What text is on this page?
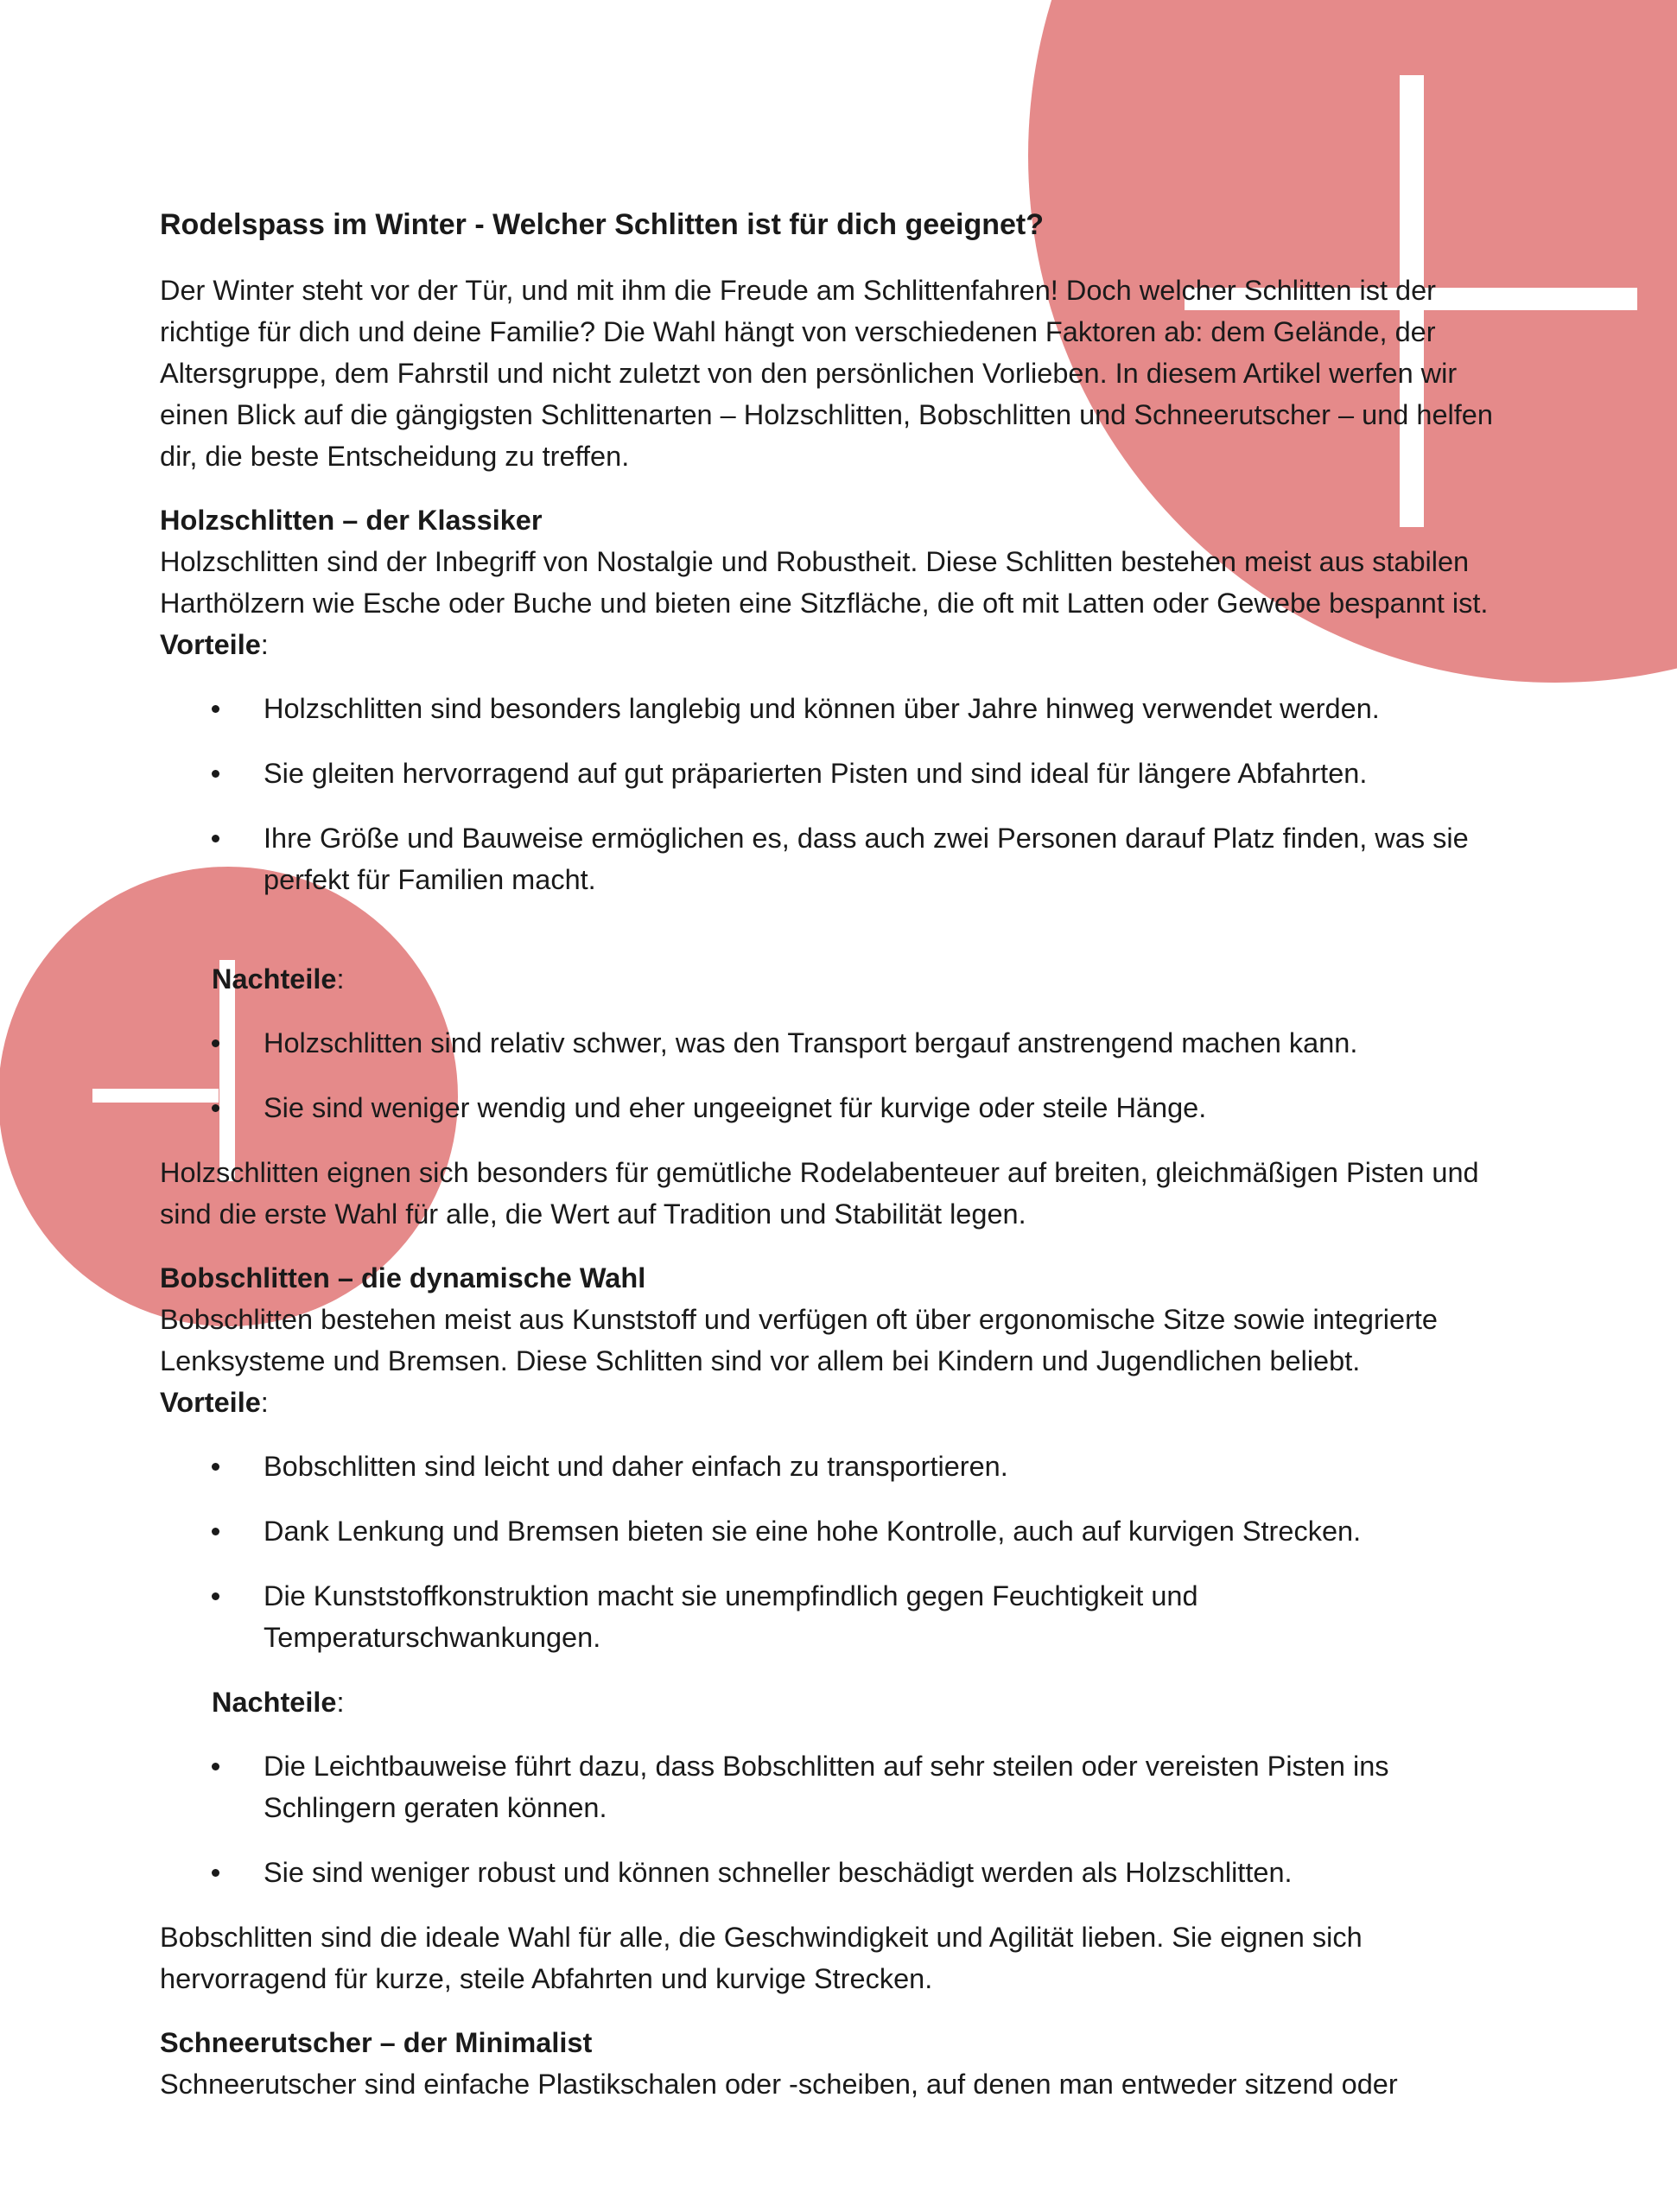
Rodelspass im Winter - Welcher Schlitten ist für dich geeignet?

Der Winter steht vor der Tür, und mit ihm die Freude am Schlittenfahren! Doch welcher Schlitten ist der richtige für dich und deine Familie? Die Wahl hängt von verschiedenen Faktoren ab: dem Gelände, der Altersgruppe, dem Fahrstil und nicht zuletzt von den persönlichen Vorlieben. In diesem Artikel werfen wir einen Blick auf die gängigsten Schlittenarten – Holzschlitten, Bobschlitten und Schneerutscher – und helfen dir, die beste Entscheidung zu treffen.

Holzschlitten – der Klassiker
Holzschlitten sind der Inbegriff von Nostalgie und Robustheit. Diese Schlitten bestehen meist aus stabilen Harthölzern wie Esche oder Buche und bieten eine Sitzfläche, die oft mit Latten oder Gewebe bespannt ist.
Vorteile:
Holzschlitten sind besonders langlebig und können über Jahre hinweg verwendet werden.
Sie gleiten hervorragend auf gut präparierten Pisten und sind ideal für längere Abfahrten.
Ihre Größe und Bauweise ermöglichen es, dass auch zwei Personen darauf Platz finden, was sie perfekt für Familien macht.
Nachteile:
Holzschlitten sind relativ schwer, was den Transport bergauf anstrengend machen kann.
Sie sind weniger wendig und eher ungeeignet für kurvige oder steile Hänge.

Holzschlitten eignen sich besonders für gemütliche Rodelabenteuer auf breiten, gleichmäßigen Pisten und sind die erste Wahl für alle, die Wert auf Tradition und Stabilität legen.

Bobschlitten – die dynamische Wahl
Bobschlitten bestehen meist aus Kunststoff und verfügen oft über ergonomische Sitze sowie integrierte Lenksysteme und Bremsen. Diese Schlitten sind vor allem bei Kindern und Jugendlichen beliebt.
Vorteile:
Bobschlitten sind leicht und daher einfach zu transportieren.
Dank Lenkung und Bremsen bieten sie eine hohe Kontrolle, auch auf kurvigen Strecken.
Die Kunststoffkonstruktion macht sie unempfindlich gegen Feuchtigkeit und Temperaturschwankungen.
Nachteile:
Die Leichtbauweise führt dazu, dass Bobschlitten auf sehr steilen oder vereisten Pisten ins Schlingern geraten können.
Sie sind weniger robust und können schneller beschädigt werden als Holzschlitten.

Bobschlitten sind die ideale Wahl für alle, die Geschwindigkeit und Agilität lieben. Sie eignen sich hervorragend für kurze, steile Abfahrten und kurvige Strecken.

Schneerutscher – der Minimalist
Schneerutscher sind einfache Plastikschalen oder -scheiben, auf denen man entweder sitzend oder
